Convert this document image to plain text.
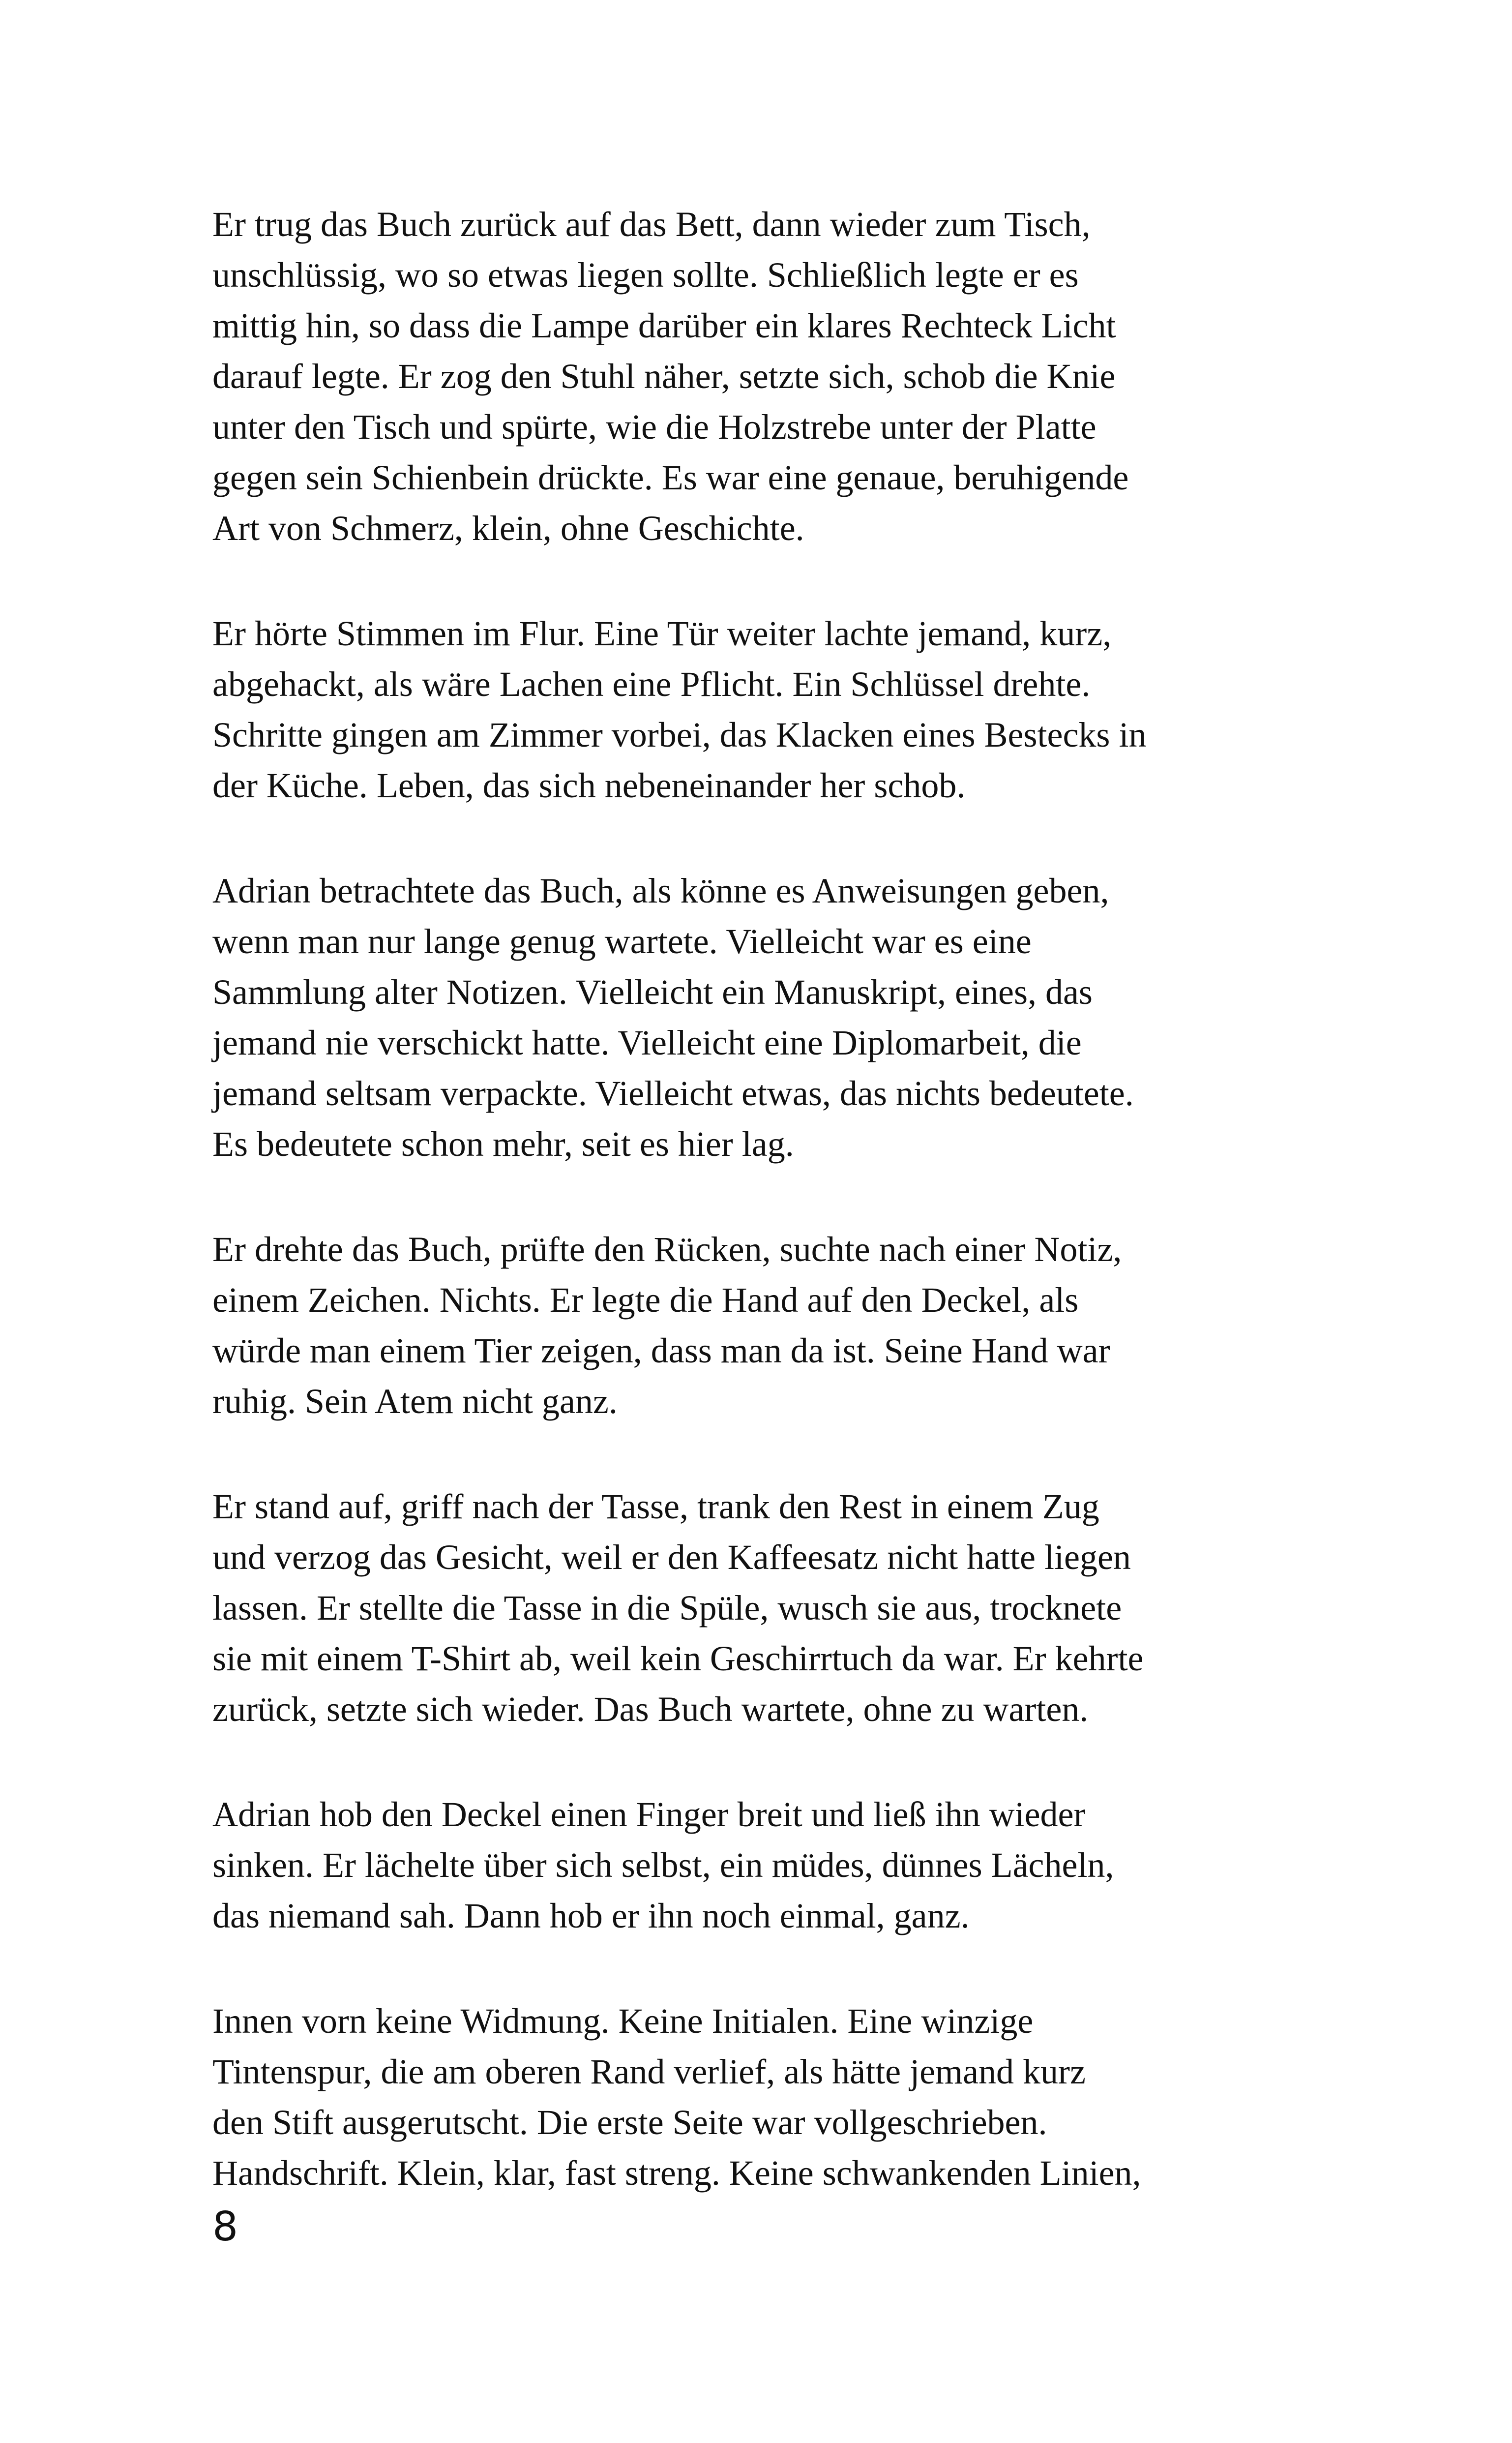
Er trug das Buch zurück auf das Bett, dann wieder zum Tisch,
unschlüssig, wo so etwas liegen sollte. Schließlich legte er es
mittig hin, so dass die Lampe darüber ein klares Rechteck Licht
darauf legte. Er zog den Stuhl näher, setzte sich, schob die Knie
unter den Tisch und spürte, wie die Holzstrebe unter der Platte
gegen sein Schienbein drückte. Es war eine genaue, beruhigende
Art von Schmerz, klein, ohne Geschichte.

Er hörte Stimmen im Flur. Eine Tür weiter lachte jemand, kurz,
abgehackt, als wäre Lachen eine Pflicht. Ein Schlüssel drehte.
Schritte gingen am Zimmer vorbei, das Klacken eines Bestecks in
der Küche. Leben, das sich nebeneinander her schob.

Adrian betrachtete das Buch, als könne es Anweisungen geben,
wenn man nur lange genug wartete. Vielleicht war es eine
Sammlung alter Notizen. Vielleicht ein Manuskript, eines, das
jemand nie verschickt hatte. Vielleicht eine Diplomarbeit, die
jemand seltsam verpackte. Vielleicht etwas, das nichts bedeutete.
Es bedeutete schon mehr, seit es hier lag.

Er drehte das Buch, prüfte den Rücken, suchte nach einer Notiz,
einem Zeichen. Nichts. Er legte die Hand auf den Deckel, als
würde man einem Tier zeigen, dass man da ist. Seine Hand war
ruhig. Sein Atem nicht ganz.

Er stand auf, griff nach der Tasse, trank den Rest in einem Zug
und verzog das Gesicht, weil er den Kaffeesatz nicht hatte liegen
lassen. Er stellte die Tasse in die Spüle, wusch sie aus, trocknete
sie mit einem T-Shirt ab, weil kein Geschirrtuch da war. Er kehrte
zurück, setzte sich wieder. Das Buch wartete, ohne zu warten.

Adrian hob den Deckel einen Finger breit und ließ ihn wieder
sinken. Er lächelte über sich selbst, ein müdes, dünnes Lächeln,
das niemand sah. Dann hob er ihn noch einmal, ganz.

Innen vorn keine Widmung. Keine Initialen. Eine winzige
Tintenspur, die am oberen Rand verlief, als hätte jemand kurz
den Stift ausgerutscht. Die erste Seite war vollgeschrieben.
Handschrift. Klein, klar, fast streng. Keine schwankenden Linien,

8
